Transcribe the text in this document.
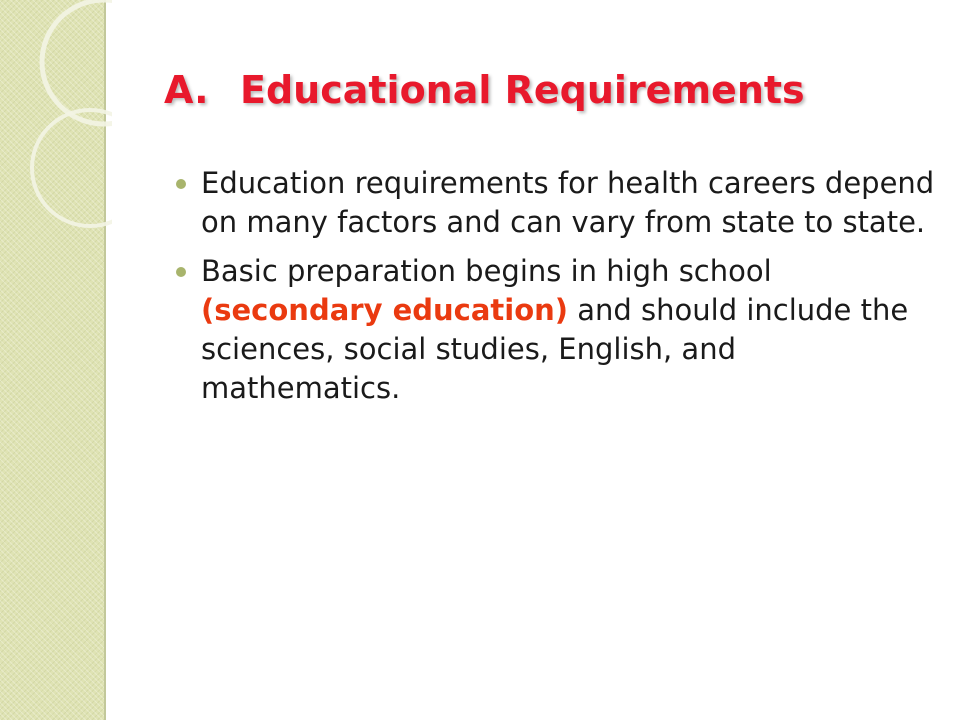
A. Educational Requirements
Education requirements for health careers depend on many factors and can vary from state to state.
Basic preparation begins in high school (secondary education) and should include the sciences, social studies, English, and mathematics.
